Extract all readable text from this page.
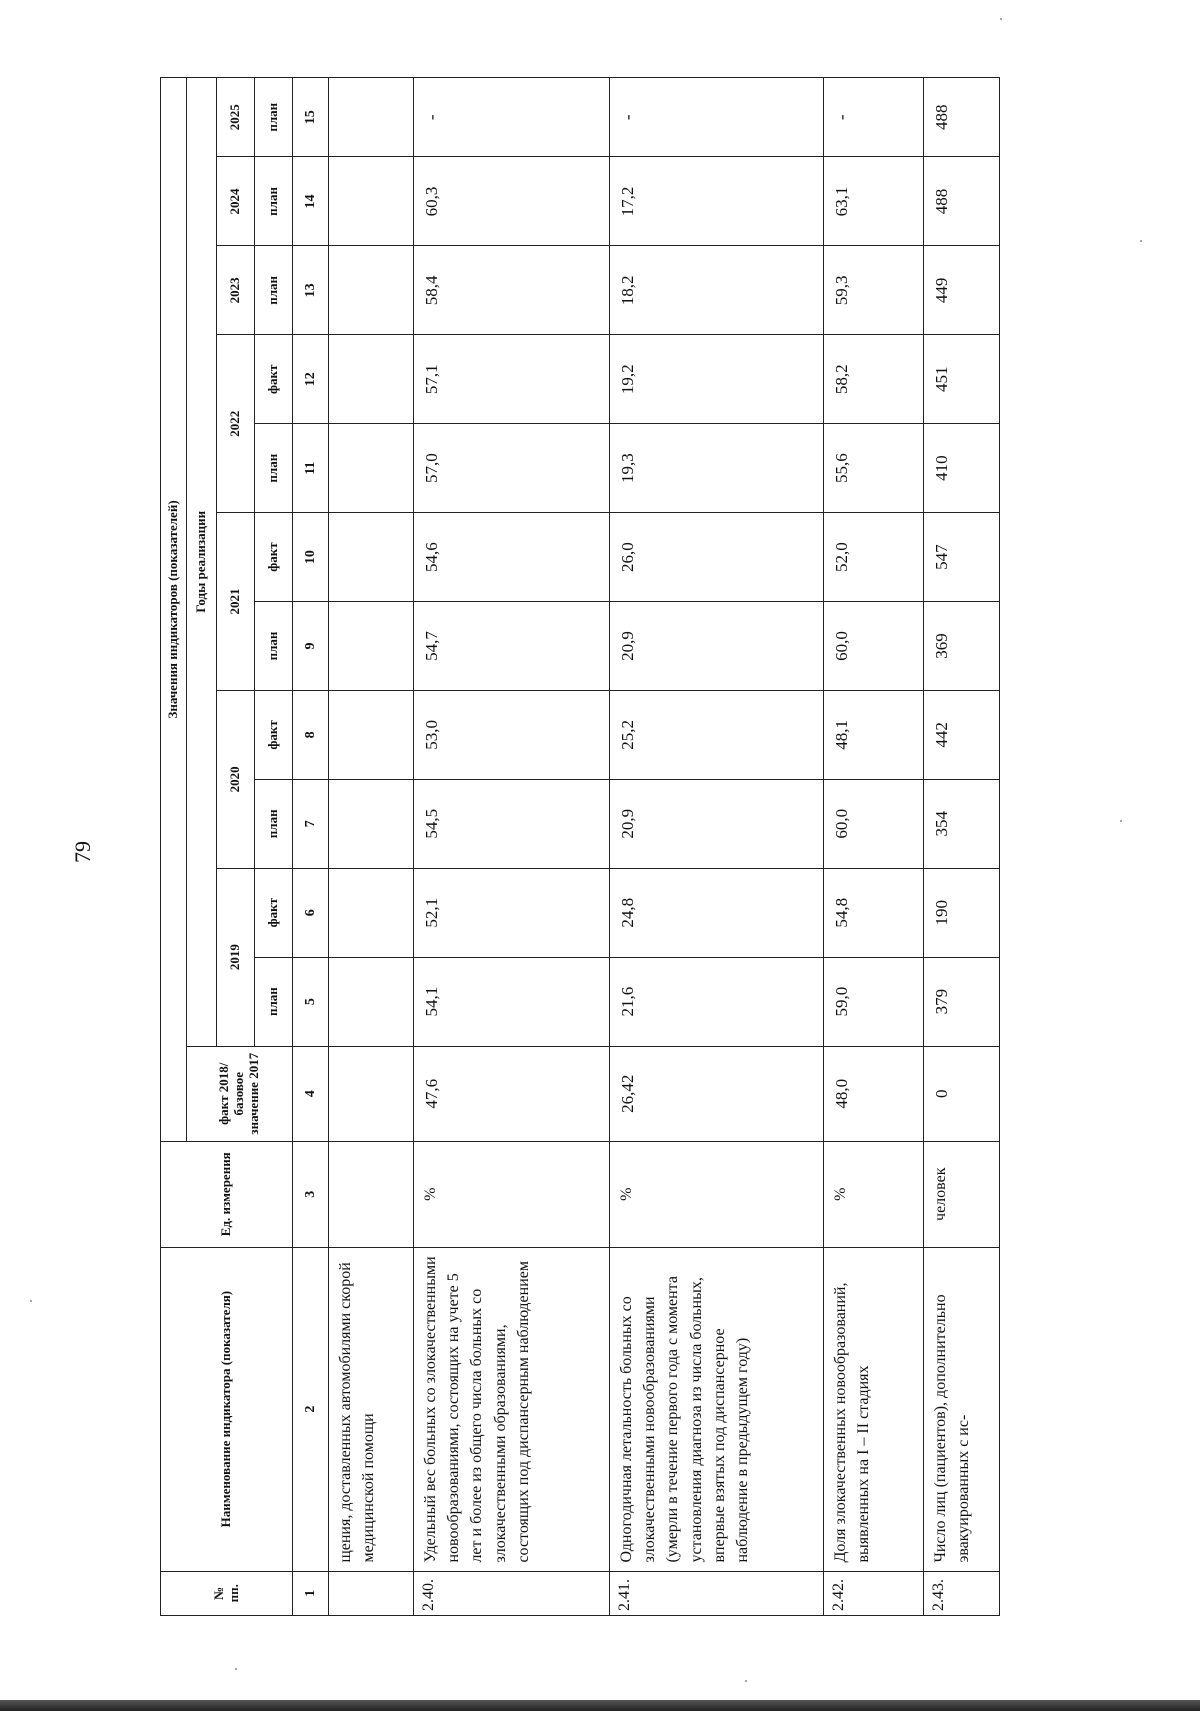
79
№ пп.	Наименование индикатора (показателя)	Ед. измерения	Значения индикаторов (показателей)											
			факт 2018/базовое значение 2017	Годы реализации										
				2019		2020		2021		2022		2023	2024	2025
				план	факт	план	факт	план	факт	план	факт	план	план	план
1	2	3	4	5	6	7	8	9	10	11	12	13	14	15
	щения, доставленных автомобилями скорой медицинской помощи													
2.40.	Удельный вес больных со злокачественными новообразованиями, состоящих на учете 5 лет и более из общего числа больных со злокачественными образованиями, состоящих под диспансерным наблюдением	%	47,6	54,1	52,1	54,5	53,0	54,7	54,6	57,0	57,1	58,4	60,3	-
2.41.	Одногодичная летальность больных со злокачественными новообразованиями (умерли в течение первого года с момента установления диагноза из числа больных, впервые взятых под диспансерное наблюдение в предыдущем году)	%	26,42	21,6	24,8	20,9	25,2	20,9	26,0	19,3	19,2	18,2	17,2	-
2.42.	Доля злокачественных новообразований, выявленных на I – II стадиях	%	48,0	59,0	54,8	60,0	48,1	60,0	52,0	55,6	58,2	59,3	63,1	-
2.43.	Число лиц (пациентов), дополнительно эвакуированных с ис-	человек	0	379	190	354	442	369	547	410	451	449	488	488
